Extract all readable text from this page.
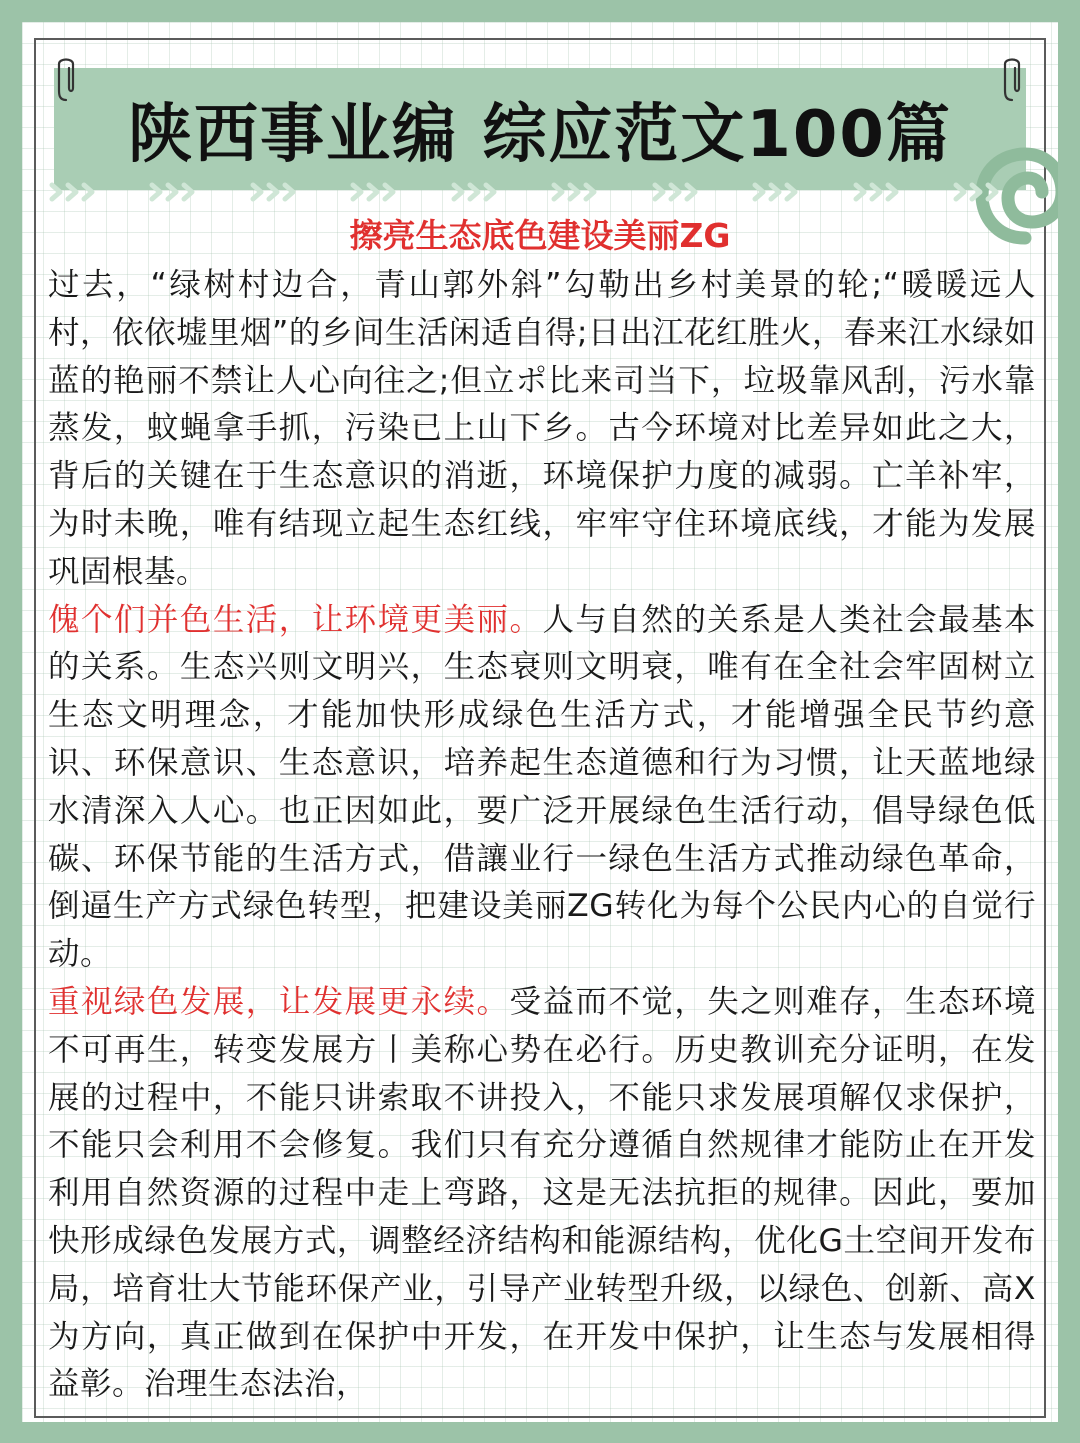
陕西事业编 综应范文100篇
擦亮生态底色建设美丽ZG

过去，“绿树村边合，青山郭外斜”勾勒出乡村美景的轮;“暖暖远人村，依依墟里烟”的乡间生活闲适自得;日出江花红胜火，春来江水绿如蓝的艳丽不禁让人心向往之;但立ポ比来司当下，垃圾靠风刮，污水靠蒸发，蚊蝇拿手抓，污染已上山下乡。古今环境对比差异如此之大，背后的关键在于生态意识的消逝，环境保护力度的减弱。亡羊补牢，为时未晚，唯有结现立起生态红线，牢牢守住环境底线，才能为发展巩固根基。

傀个们并色生活，让环境更美丽。人与自然的关系是人类社会最基本的关系。生态兴则文明兴，生态衰则文明衰，唯有在全社会牢固树立生态文明理念，才能加快形成绿色生活方式，才能增强全民节约意识、环保意识、生态意识，培养起生态道德和行为习惯，让天蓝地绿水清深入人心。也正因如此，要广泛开展绿色生活行动，倡导绿色低碳、环保节能的生活方式，借讓业行一绿色生活方式推动绿色革命，倒逼生产方式绿色转型，把建设美丽ZG转化为每个公民内心的自觉行动。

重视绿色发展，让发展更永续。受益而不觉，失之则难存，生态环境不可再生，转变发展方丨美称心势在必行。历史教训充分证明，在发展的过程中，不能只讲索取不讲投入，不能只求发展項解仅求保护，不能只会利用不会修复。我们只有充分遵循自然规律才能防止在开发利用自然资源的过程中走上弯路，这是无法抗拒的规律。因此，要加快形成绿色发展方式，调整经济结构和能源结构，优化G土空间开发布局，培育壮大节能环保产业，引导产业转型升级，以绿色、创新、高X为方向，真正做到在保护中开发，在开发中保护，让生态与发展相得益彰。治理生态法治，
